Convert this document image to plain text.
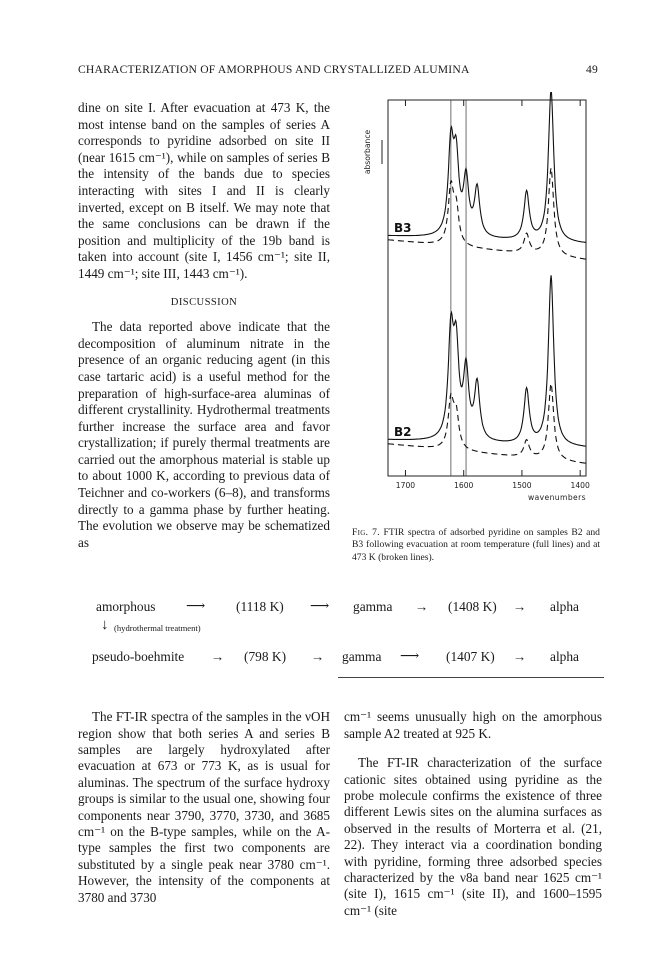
CHARACTERIZATION OF AMORPHOUS AND CRYSTALLIZED ALUMINA	49

dine on site I. After evacuation at 473 K, the most intense band on the samples of series A corresponds to pyridine adsorbed on site II (near 1615 cm⁻¹), while on samples of series B the intensity of the bands due to species interacting with sites I and II is clearly inverted, except on B itself. We may note that the same conclusions can be drawn if the position and multiplicity of the 19b band is taken into account (site I, 1456 cm⁻¹; site II, 1449 cm⁻¹; site III, 1443 cm⁻¹).

DISCUSSION

The data reported above indicate that the decomposition of aluminum nitrate in the presence of an organic reducing agent (in this case tartaric acid) is a useful method for the preparation of high-surface-area aluminas of different crystallinity. Hydrothermal treatments further increase the surface area and favor crystallization; if purely thermal treatments are carried out the amorphous material is stable up to about 1000 K, according to previous data of Teichner and co-workers (6–8), and transforms directly to a gamma phase by further heating. The evolution we observe may be schematized as

1700	1600	1500	1400
wavenumbers
absorbance
B3
B2
Fig. 7. FTIR spectra of adsorbed pyridine on samples B2 and B3 following evacuation at room temperature (full lines) and at 473 K (broken lines).
amorphous ⟶ (1118 K) ⟶ gamma → (1408 K) → alpha
↓ (hydrothermal treatment)
pseudo-boehmite → (798 K) → gamma ⟶ (1407 K) → alpha

The FT-IR spectra of the samples in the νOH region show that both series A and series B samples are largely hydroxylated after evacuation at 673 or 773 K, as is usual for aluminas. The spectrum of the surface hydroxy groups is similar to the usual one, showing four components near 3790, 3770, 3730, and 3685 cm⁻¹ on the B-type samples, while on the A-type samples the first two components are substituted by a single peak near 3780 cm⁻¹. However, the intensity of the components at 3780 and 3730

cm⁻¹ seems unusually high on the amorphous sample A2 treated at 925 K.

The FT-IR characterization of the surface cationic sites obtained using pyridine as the probe molecule confirms the existence of three different Lewis sites on the alumina surfaces as observed in the results of Morterra et al. (21, 22). They interact via a coordination bonding with pyridine, forming three adsorbed species characterized by the ν8a band near 1625 cm⁻¹ (site I), 1615 cm⁻¹ (site II), and 1600–1595 cm⁻¹ (site
